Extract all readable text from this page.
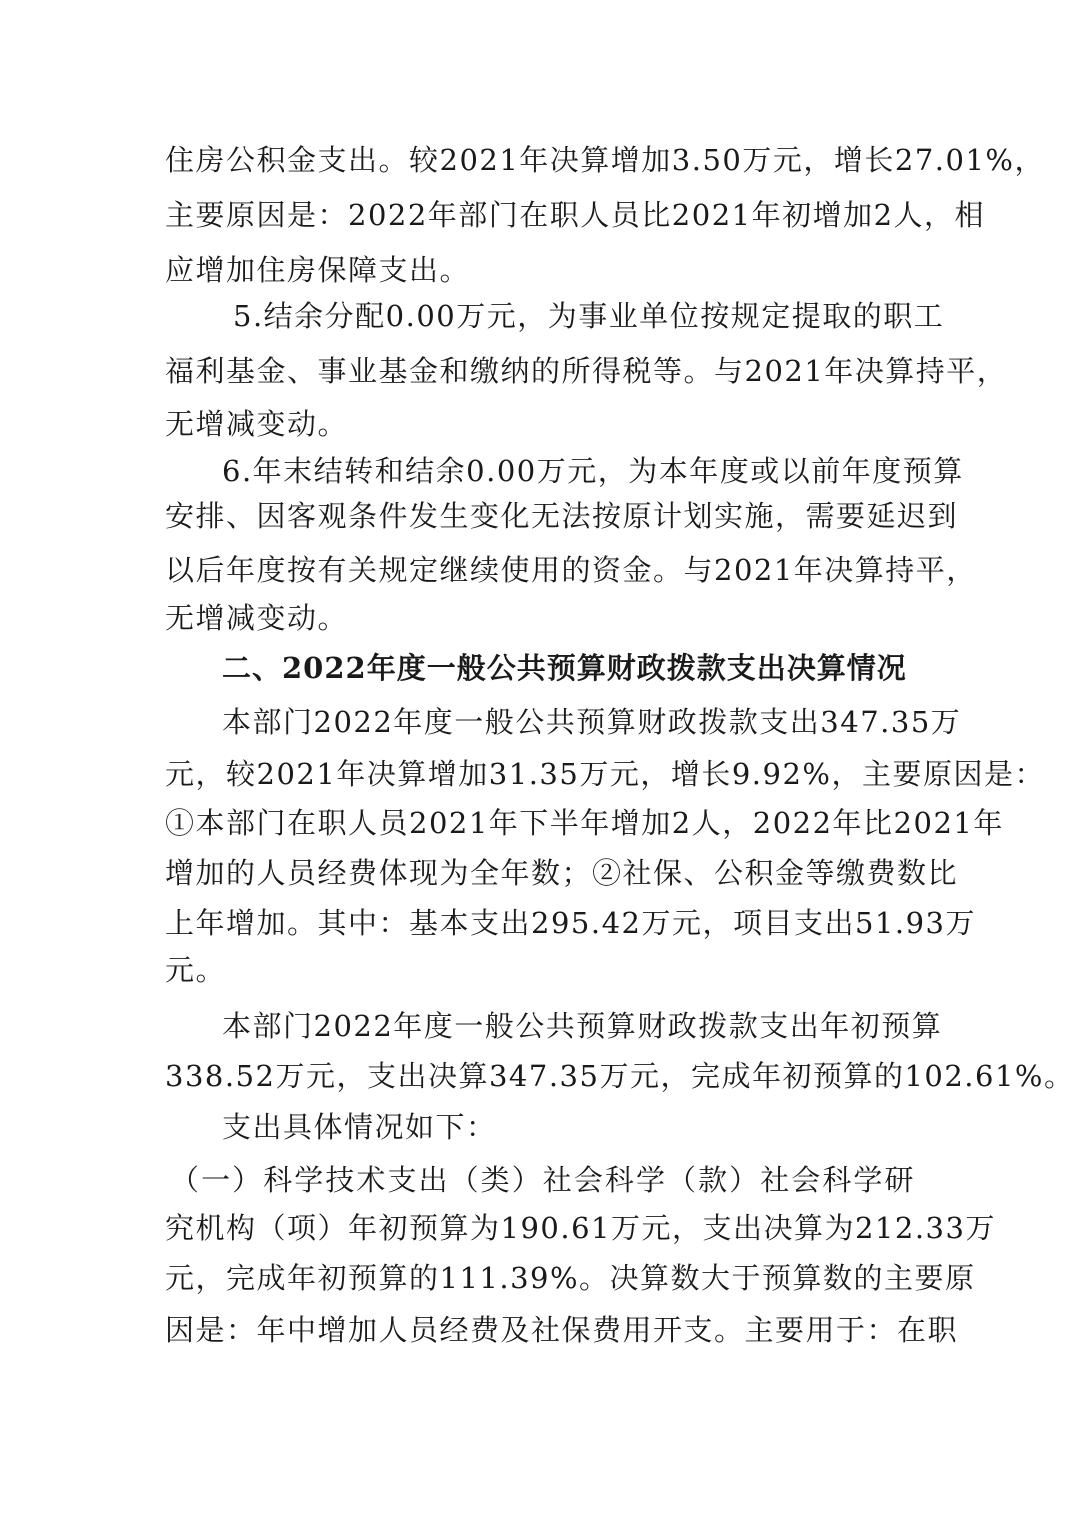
住房公积金支出。较2021年决算增加3.50万元，增长27.01%，
主要原因是：2022年部门在职人员比2021年初增加2人，相
应增加住房保障支出。
5.结余分配0.00万元，为事业单位按规定提取的职工
福利基金、事业基金和缴纳的所得税等。与2021年决算持平，
无增减变动。
6.年末结转和结余0.00万元，为本年度或以前年度预算
安排、因客观条件发生变化无法按原计划实施，需要延迟到
以后年度按有关规定继续使用的资金。与2021年决算持平，
无增减变动。
二、2022年度一般公共预算财政拨款支出决算情况
本部门2022年度一般公共预算财政拨款支出347.35万
元，较2021年决算增加31.35万元，增长9.92%，主要原因是：
①本部门在职人员2021年下半年增加2人，2022年比2021年
增加的人员经费体现为全年数；②社保、公积金等缴费数比
上年增加。其中：基本支出295.42万元，项目支出51.93万
元。
本部门2022年度一般公共预算财政拨款支出年初预算
338.52万元，支出决算347.35万元，完成年初预算的102.61%。
支出具体情况如下：
（一）科学技术支出（类）社会科学（款）社会科学研
究机构（项）年初预算为190.61万元，支出决算为212.33万
元，完成年初预算的111.39%。决算数大于预算数的主要原
因是：年中增加人员经费及社保费用开支。主要用于：在职
